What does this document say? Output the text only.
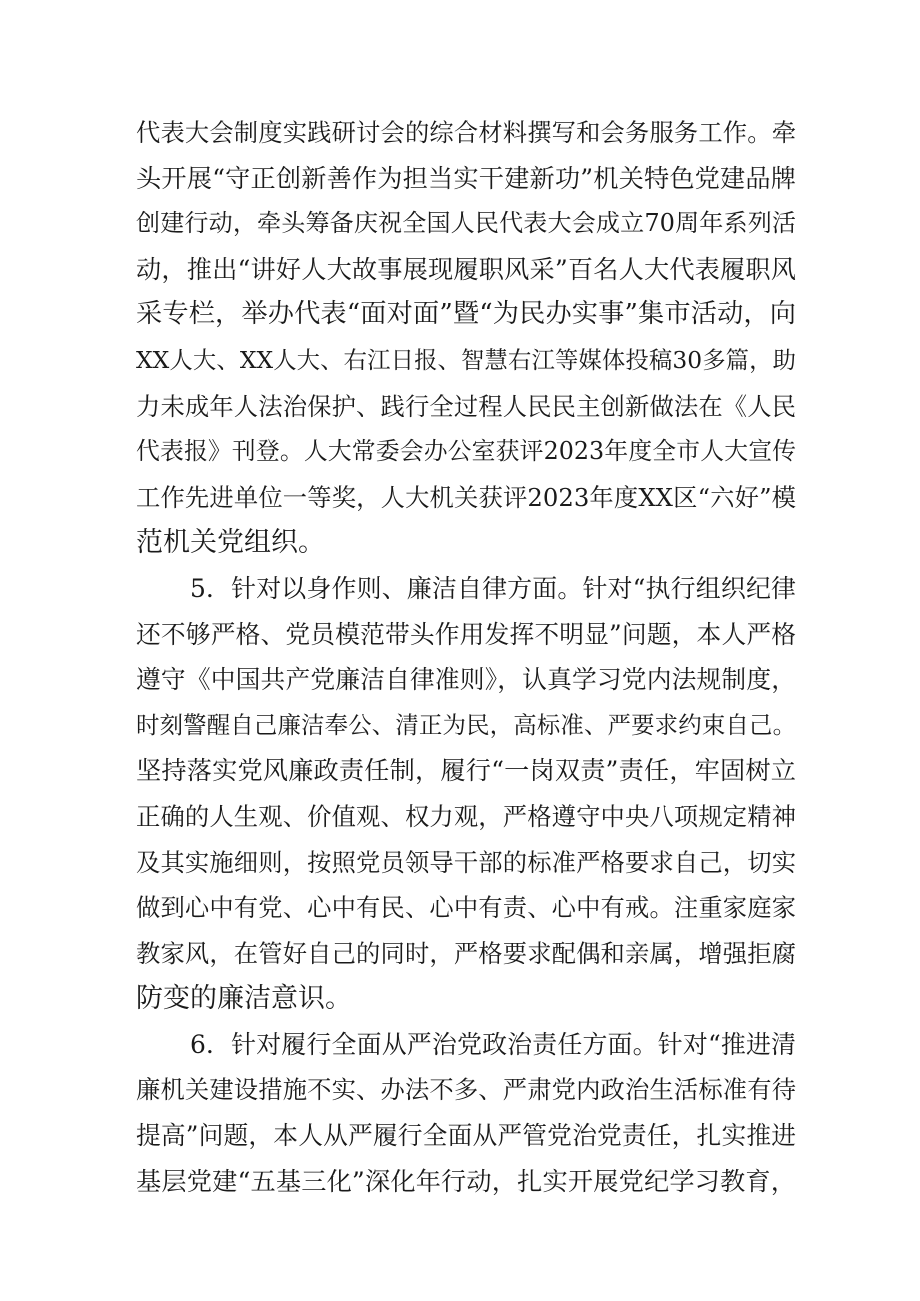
代表大会制度实践研讨会的综合材料撰写和会务服务工作。牵
头开展“守正创新善作为担当实干建新功”机关特色党建品牌
创建行动，牵头筹备庆祝全国人民代表大会成立70周年系列活
动，推出“讲好人大故事展现履职风采”百名人大代表履职风
采专栏，举办代表“面对面”暨“为民办实事”集市活动，向
XX人大、XX人大、右江日报、智慧右江等媒体投稿30多篇，助
力未成年人法治保护、践行全过程人民民主创新做法在《人民
代表报》刊登。人大常委会办公室获评2023年度全市人大宣传
工作先进单位一等奖，人大机关获评2023年度XX区“六好”模
范机关党组织。
5．针对以身作则、廉洁自律方面。针对“执行组织纪律
还不够严格、党员模范带头作用发挥不明显”问题，本人严格
遵守《中国共产党廉洁自律准则》，认真学习党内法规制度，
时刻警醒自己廉洁奉公、清正为民，高标准、严要求约束自己。
坚持落实党风廉政责任制，履行“一岗双责”责任，牢固树立
正确的人生观、价值观、权力观，严格遵守中央八项规定精神
及其实施细则，按照党员领导干部的标准严格要求自己，切实
做到心中有党、心中有民、心中有责、心中有戒。注重家庭家
教家风，在管好自己的同时，严格要求配偶和亲属，增强拒腐
防变的廉洁意识。
6．针对履行全面从严治党政治责任方面。针对“推进清
廉机关建设措施不实、办法不多、严肃党内政治生活标准有待
提高”问题，本人从严履行全面从严管党治党责任，扎实推进
基层党建“五基三化”深化年行动，扎实开展党纪学习教育，
